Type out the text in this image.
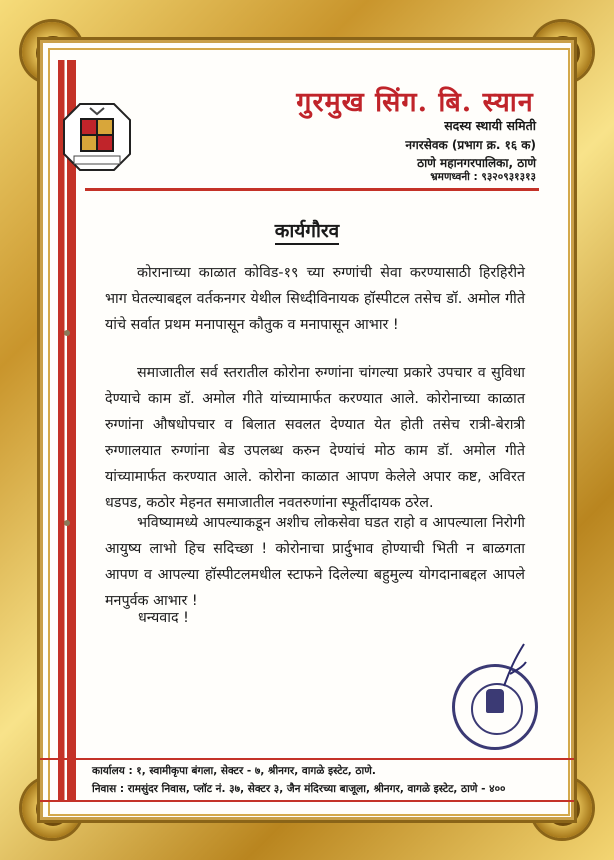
गुरमुख सिंग. बि. स्यान
सदस्य स्थायी समिती
नगरसेवक (प्रभाग क्र. १६ क)
ठाणे महानगरपालिका, ठाणे
भ्रमणध्वनी : ९३२०९३१३१३
कार्यगौरव
कोरानाच्या काळात कोविड-१९ च्या रुग्णांची सेवा करण्यासाठी हिरहिरीने भाग घेतल्याबद्दल वर्तकनगर येथील सिध्दीविनायक हॉस्पीटल तसेच डॉ. अमोल गीते यांचे सर्वात प्रथम मनापासून कौतुक व मनापासून आभार !
समाजातील सर्व स्तरातील कोरोना रुग्णांना चांगल्या प्रकारे उपचार व सुविधा देण्याचे काम डॉ. अमोल गीते यांच्यामार्फत करण्यात आले. कोरोनाच्या काळात रुग्णांना औषधोपचार व बिलात सवलत देण्यात येत होती तसेच रात्री-बेरात्री रुग्णालयात रुग्णांना बेड उपलब्ध करुन देण्यांचं मोठ काम डॉ. अमोल गीते यांच्यामार्फत करण्यात आले. कोरोना काळात आपण केलेले अपार कष्ट, अविरत धडपड, कठोर मेहनत समाजातील नवतरुणांना स्फूर्तीदायक ठरेल.
भविष्यामध्ये आपल्याकडून अशीच लोकसेवा घडत राहो व आपल्याला निरोगी आयुष्य लाभो हिच सदिच्छा ! कोरोनाचा प्रार्दुभाव होण्याची भिती न बाळगता आपण व आपल्या हॉस्पीटलमधील स्टाफने दिलेल्या बहुमुल्य योगदानाबद्दल आपले मनपुर्वक आभार !
धन्यवाद !
कार्यालय : १, स्वामीकृपा बंगला, सेक्टर - ७, श्रीनगर, वागळे इस्टेट, ठाणे.
निवास : रामसुंदर निवास, प्लॉट नं. ३७, सेक्टर ३, जैन मंदिरच्या बाजूला, श्रीनगर, वागळे इस्टेट, ठाणे - ४००
